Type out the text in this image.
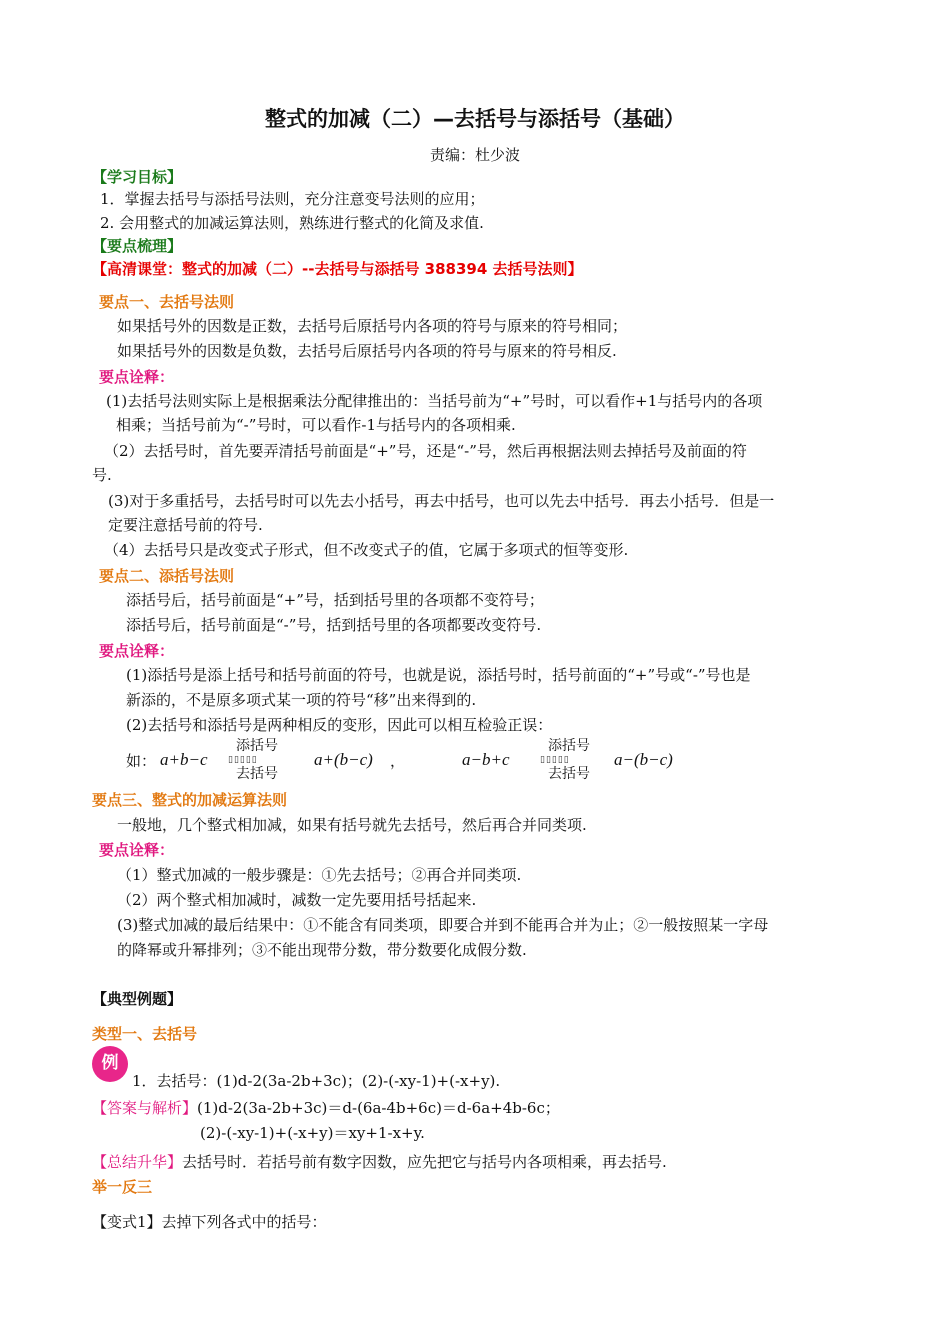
整式的加减（二）—去括号与添括号（基础）
责编：杜少波
【学习目标】
1．掌握去括号与添括号法则，充分注意变号法则的应用；
2. 会用整式的加减运算法则，熟练进行整式的化简及求值.
【要点梳理】
【高清课堂：整式的加减（二）--去括号与添括号 388394 去括号法则】
要点一、去括号法则
如果括号外的因数是正数，去括号后原括号内各项的符号与原来的符号相同；
如果括号外的因数是负数，去括号后原括号内各项的符号与原来的符号相反.
要点诠释：
(1)去括号法则实际上是根据乘法分配律推出的：当括号前为“+”号时，可以看作+1与括号内的各项
相乘；当括号前为“-”号时，可以看作-1与括号内的各项相乘.
（2）去括号时，首先要弄清括号前面是“+”号，还是“-”号，然后再根据法则去掉括号及前面的符
号.
(3)对于多重括号，去括号时可以先去小括号，再去中括号，也可以先去中括号．再去小括号．但是一
定要注意括号前的符号.
（4）去括号只是改变式子形式，但不改变式子的值，它属于多项式的恒等变形.
要点二、添括号法则
添括号后，括号前面是“+”号，括到括号里的各项都不变符号；
添括号后，括号前面是“-”号，括到括号里的各项都要改变符号.
要点诠释：
(1)添括号是添上括号和括号前面的符号，也就是说，添括号时，括号前面的“+”号或“-”号也是
新添的，不是原多项式某一项的符号“移”出来得到的.
(2)去括号和添括号是两种相反的变形，因此可以相互检验正误：
如： a+b−c
添括号
▯▯▯▯▯
去括号
a+(b−c) ，	a−b+c
添括号
▯▯▯▯▯
去括号
a−(b−c)
要点三、整式的加减运算法则
一般地，几个整式相加减，如果有括号就先去括号，然后再合并同类项.
要点诠释：
（1）整式加减的一般步骤是：①先去括号；②再合并同类项.
（2）两个整式相加减时，减数一定先要用括号括起来.
(3)整式加减的最后结果中：①不能含有同类项，即要合并到不能再合并为止；②一般按照某一字母
的降幂或升幂排列；③不能出现带分数，带分数要化成假分数.
【典型例题】
类型一、去括号
例
1．去括号：(1)d-2(3a-2b+3c)；(2)-(-xy-1)+(-x+y).
【答案与解析】(1)d-2(3a-2b+3c)＝d-(6a-4b+6c)＝d-6a+4b-6c；
(2)-(-xy-1)+(-x+y)＝xy+1-x+y.
【总结升华】去括号时．若括号前有数字因数，应先把它与括号内各项相乘，再去括号.
举一反三
【变式1】去掉下列各式中的括号：
